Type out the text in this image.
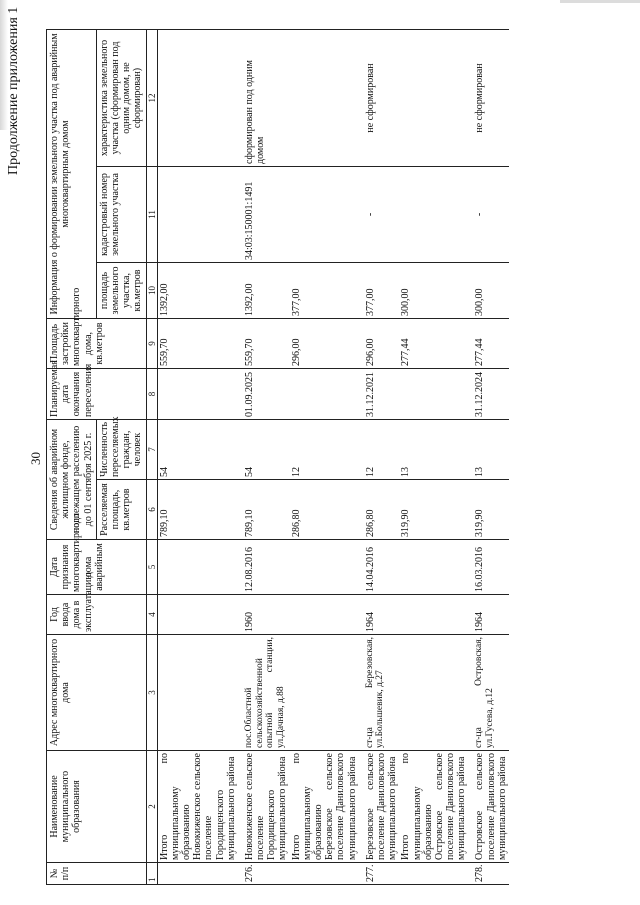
30
Продолжение приложения 1
№ п/п	Наименование муниципального образования	Адрес многоквартирного дома	Год ввода дома в эксплуатацию	Дата признания многоквартирного дома аварийным	Сведения об аварийном жилищном фонде, подлежащем расселению до 01 сентября 2025 г.		Планируемая дата окончания переселения	Площадь застройки многоквартирного дома, кв.метров	Информация о формировании земельного участка под аварийным многоквартирным домом		
					Расселяемая площадь, кв.метров	Численность переселяемых граждан, человек			площадь земельного участка, кв.метров	кадастровый номер земельного участка	характеристика земельного участка (сформирован под одним домом, не сформирован)
1	2	3	4	5	6	7	8	9	10	11	12
	Итого по муниципальному образованию Новокиженское сельское поселение Городищенского муниципального района				789,10	54		559,70	1392,00		
276.	Новокиженское сельское поселение Городищенского муниципального района	пос.Областной сельскохозяйственной опытной станции, ул.Дачная, д.88	1960	12.08.2016	789,10	54	01.09.2025	559,70	1392,00	34:03:150001:1491	сформирован под одним домом
	Итого по муниципальному образованию Березовское сельское поселение Даниловского муниципального района				286,80	12		296,00	377,00		
277.	Березовское сельское поселение Даниловского муниципального района	ст-ца Березовская, ул.Большевик, д.27	1964	14.04.2016	286,80	12	31.12.2021	296,00	377,00	-	не сформирован
	Итого по муниципальному образованию Островское сельское поселение Даниловского муниципального района				319,90	13		277,44	300,00		
278.	Островское сельское поселение Даниловского муниципального района	ст-ца Островская, ул.Гусева, д.12	1964	16.03.2016	319,90	13	31.12.2024	277,44	300,00	-	не сформирован
